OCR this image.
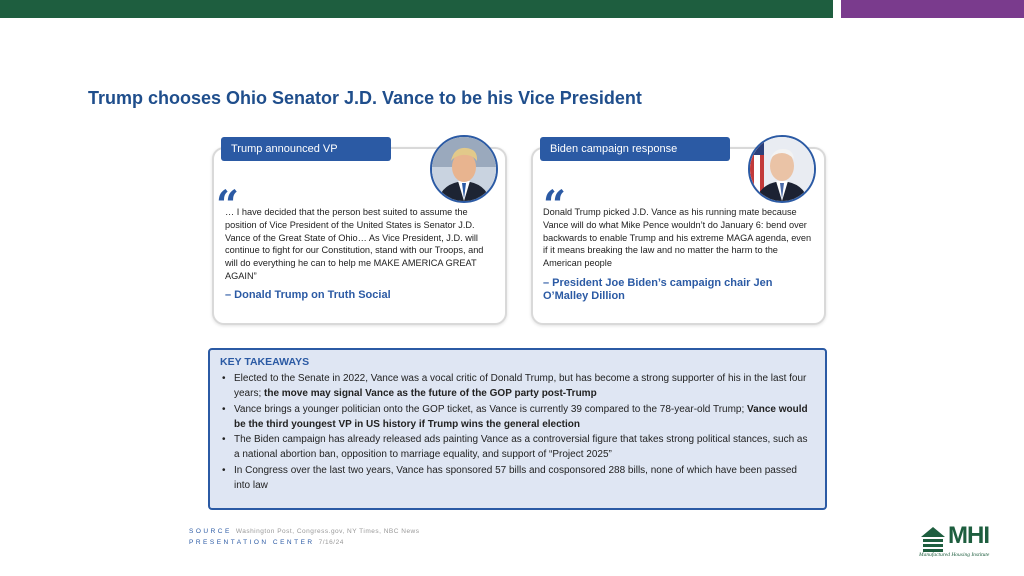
Trump chooses Ohio Senator J.D. Vance to be his Vice President
Trump announced VP
“

… I have decided that the person best suited to assume the position of Vice President of the United States is Senator J.D. Vance of the Great State of Ohio… As Vice President, J.D. will continue to fight for our Constitution, stand with our Troops, and will do everything he can to help me MAKE AMERICA GREAT AGAIN”

– Donald Trump on Truth Social

Biden campaign response
“

Donald Trump picked J.D. Vance as his running mate because Vance will do what Mike Pence wouldn’t do January 6: bend over backwards to enable Trump and his extreme MAGA agenda, even if it means breaking the law and no matter the harm to the American people

– President Joe Biden’s campaign chair Jen O’Malley Dillion

KEY TAKEAWAYS
• Elected to the Senate in 2022, Vance was a vocal critic of Donald Trump, but has become a strong supporter of his in the last four years; the move may signal Vance as the future of the GOP party post-Trump
• Vance brings a younger politician onto the GOP ticket, as Vance is currently 39 compared to the 78-year-old Trump; Vance would be the third youngest VP in US history if Trump wins the general election
• The Biden campaign has already released ads painting Vance as a controversial figure that takes strong political stances, such as a national abortion ban, opposition to marriage equality, and support of “Project 2025”
• In Congress over the last two years, Vance has sponsored 57 bills and cosponsored 288 bills, none of which have been passed into law
SOURCE Washington Post, Congress.gov, NY Times, NBC News
PRESENTATION CENTER 7/16/24	MHI
Manufactured Housing Institute
